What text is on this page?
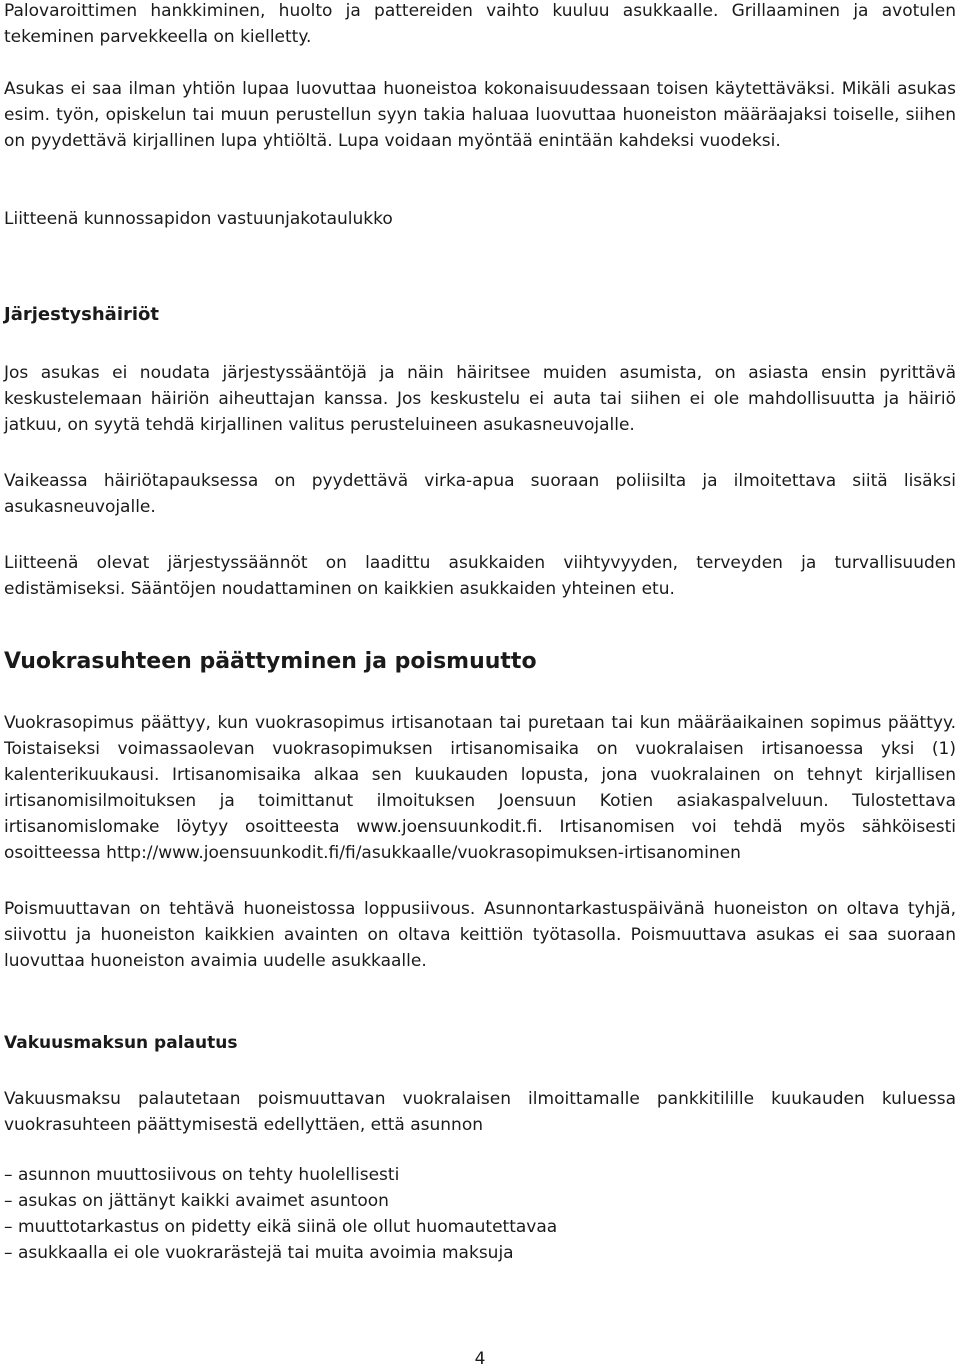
Palovaroittimen hankkiminen, huolto ja pattereiden vaihto kuuluu asukkaalle. Grillaaminen ja avotulen tekeminen parvekkeella on kielletty.

Asukas ei saa ilman yhtiön lupaa luovuttaa huoneistoa kokonaisuudessaan toisen käytettäväksi. Mikäli asukas esim. työn, opiskelun tai muun perustellun syyn takia haluaa luovuttaa huoneiston määräajaksi toiselle, siihen on pyydettävä kirjallinen lupa yhtiöltä. Lupa voidaan myöntää enintään kahdeksi vuodeksi.

Liitteenä kunnossapidon vastuunjakotaulukko

Järjestyshäiriöt

Jos asukas ei noudata järjestyssääntöjä ja näin häiritsee muiden asumista, on asiasta ensin pyrittävä keskustelemaan häiriön aiheuttajan kanssa. Jos keskustelu ei auta tai siihen ei ole mahdollisuutta ja häiriö jatkuu, on syytä tehdä kirjallinen valitus perusteluineen asukasneuvojalle.

Vaikeassa häiriötapauksessa on pyydettävä virka-apua suoraan poliisilta ja ilmoitettava siitä lisäksi asukasneuvojalle.

Liitteenä olevat järjestyssäännöt on laadittu asukkaiden viihtyvyyden, terveyden ja turvallisuuden edistämiseksi. Sääntöjen noudattaminen on kaikkien asukkaiden yhteinen etu.

Vuokrasuhteen päättyminen ja poismuutto

Vuokrasopimus päättyy, kun vuokrasopimus irtisanotaan tai puretaan tai kun määräaikainen sopimus päättyy. Toistaiseksi voimassaolevan vuokrasopimuksen irtisanomisaika on vuokralaisen irtisanoessa yksi (1) kalenterikuukausi. Irtisanomisaika alkaa sen kuukauden lopusta, jona vuokralainen on tehnyt kirjallisen irtisanomisilmoituksen ja toimittanut ilmoituksen Joensuun Kotien asiakaspalveluun. Tulostettava irtisanomislomake löytyy osoitteesta www.joensuunkodit.fi. Irtisanomisen voi tehdä myös sähköisesti osoitteessa http://www.joensuunkodit.fi/fi/asukkaalle/vuokrasopimuksen-irtisanominen

Poismuuttavan on tehtävä huoneistossa loppusiivous. Asunnontarkastuspäivänä huoneiston on oltava tyhjä, siivottu ja huoneiston kaikkien avainten on oltava keittiön työtasolla. Poismuuttava asukas ei saa suoraan luovuttaa huoneiston avaimia uudelle asukkaalle.

Vakuusmaksun palautus

Vakuusmaksu palautetaan poismuuttavan vuokralaisen ilmoittamalle pankkitilille kuukauden kuluessa vuokrasuhteen päättymisestä edellyttäen, että asunnon

– asunnon muuttosiivous on tehty huolellisesti
– asukas on jättänyt kaikki avaimet asuntoon
– muuttotarkastus on pidetty eikä siinä ole ollut huomautettavaa
– asukkaalla ei ole vuokrarästejä tai muita avoimia maksuja
4
